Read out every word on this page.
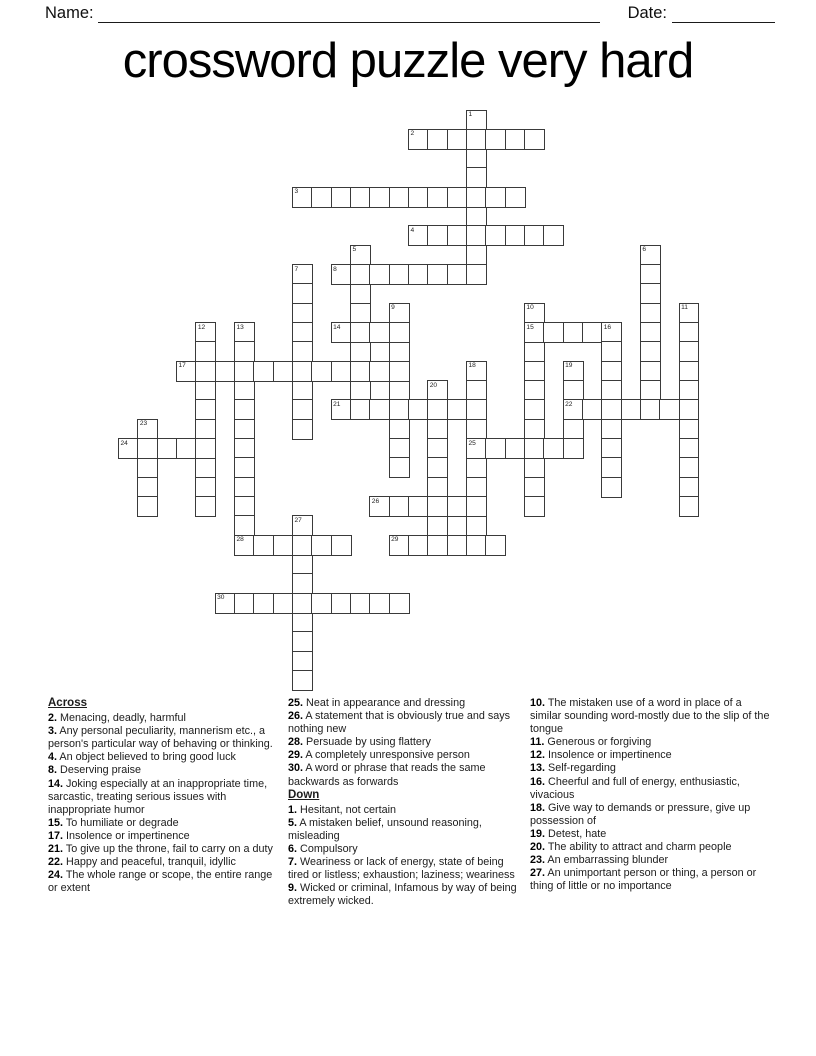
Name:	Date:
crossword puzzle very hard
1
2
3
4
5	6
7	8
9	10	11
12	13	14	15	16
17	18	19
20
21	22
23
24	25
26
27
28	29
30
Across
2. Menacing, deadly, harmful
3. Any personal peculiarity, mannerism etc., a person's particular way of behaving or thinking.
4. An object believed to bring good luck
8. Deserving praise
14. Joking especially at an inappropriate time, sarcastic, treating serious issues with inappropriate humor
15. To humiliate or degrade
17. Insolence or impertinence
21. To give up the throne, fail to carry on a duty
22. Happy and peaceful, tranquil, idyllic
24. The whole range or scope, the entire range or extent
25. Neat in appearance and dressing
26. A statement that is obviously true and says nothing new
28. Persuade by using flattery
29. A completely unresponsive person
30. A word or phrase that reads the same backwards as forwards
Down
1. Hesitant, not certain
5. A mistaken belief, unsound reasoning, misleading
6. Compulsory
7. Weariness or lack of energy, state of being tired or listless; exhaustion; laziness; weariness
9. Wicked or criminal, Infamous by way of being extremely wicked.
10. The mistaken use of a word in place of a similar sounding word-mostly due to the slip of the tongue
11. Generous or forgiving
12. Insolence or impertinence
13. Self-regarding
16. Cheerful and full of energy, enthusiastic, vivacious
18. Give way to demands or pressure, give up possession of
19. Detest, hate
20. The ability to attract and charm people
23. An embarrassing blunder
27. An unimportant person or thing, a person or thing of little or no importance
